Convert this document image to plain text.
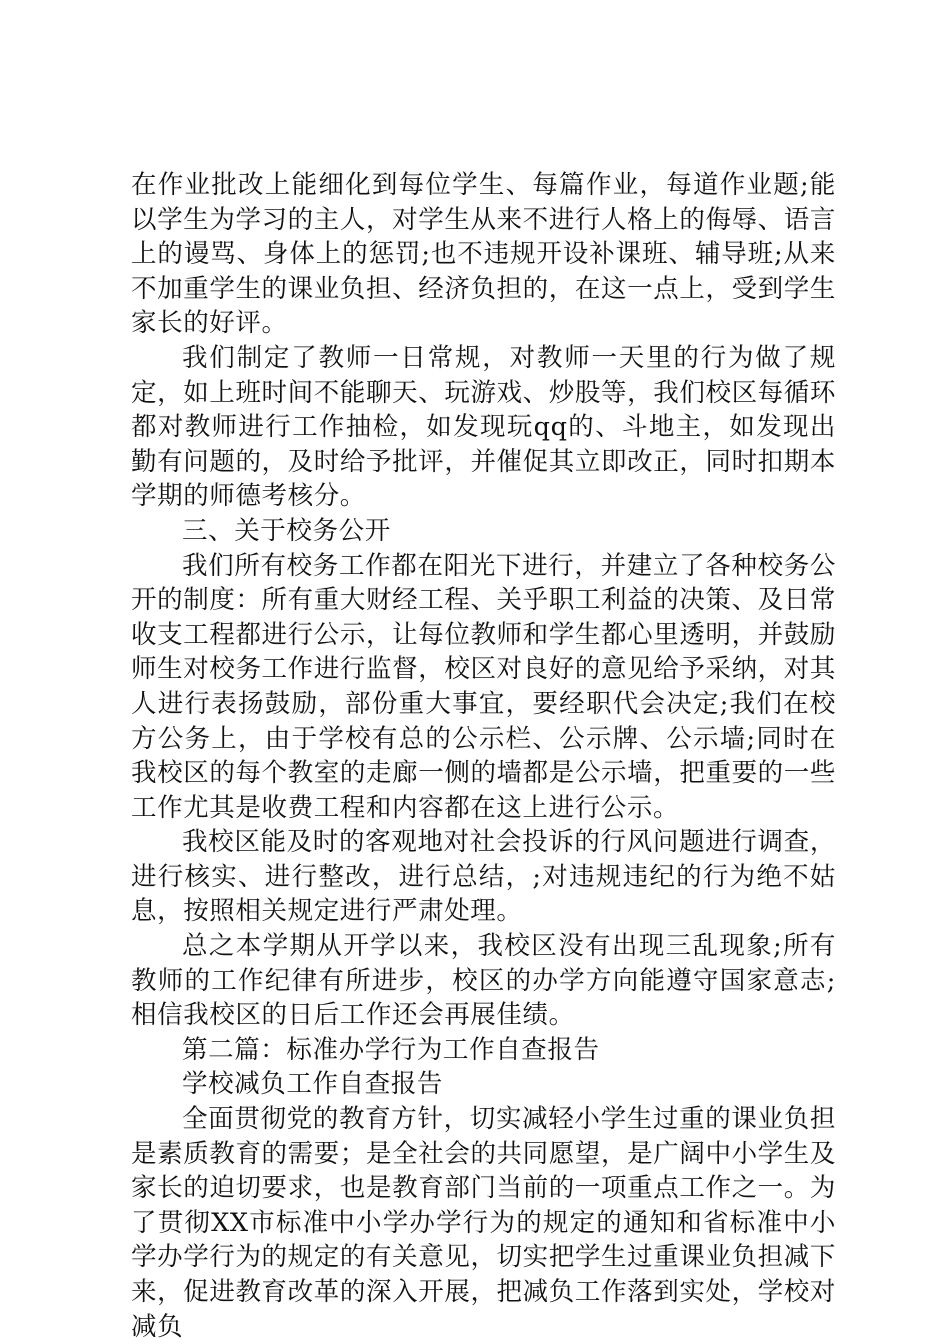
在作业批改上能细化到每位学生、每篇作业，每道作业题;能以学生为学习的主人，对学生从来不进行人格上的侮辱、语言上的谩骂、身体上的惩罚;也不违规开设补课班、辅导班;从来不加重学生的课业负担、经济负担的，在这一点上，受到学生家长的好评。

我们制定了教师一日常规，对教师一天里的行为做了规定，如上班时间不能聊天、玩游戏、炒股等，我们校区每循环都对教师进行工作抽检，如发现玩qq的、斗地主，如发现出勤有问题的，及时给予批评，并催促其立即改正，同时扣期本学期的师德考核分。

三、关于校务公开

我们所有校务工作都在阳光下进行，并建立了各种校务公开的制度：所有重大财经工程、关乎职工利益的决策、及日常收支工程都进行公示，让每位教师和学生都心里透明，并鼓励师生对校务工作进行监督，校区对良好的意见给予采纳，对其人进行表扬鼓励，部份重大事宜，要经职代会决定;我们在校方公务上，由于学校有总的公示栏、公示牌、公示墙;同时在我校区的每个教室的走廊一侧的墙都是公示墙，把重要的一些工作尤其是收费工程和内容都在这上进行公示。

我校区能及时的客观地对社会投诉的行风问题进行调查，进行核实、进行整改，进行总结，;对违规违纪的行为绝不姑息，按照相关规定进行严肃处理。

总之本学期从开学以来，我校区没有出现三乱现象;所有教师的工作纪律有所进步，校区的办学方向能遵守国家意志;相信我校区的日后工作还会再展佳绩。

第二篇：标准办学行为工作自查报告

学校减负工作自查报告

全面贯彻党的教育方针，切实减轻小学生过重的课业负担是素质教育的需要；是全社会的共同愿望，是广阔中小学生及家长的迫切要求，也是教育部门当前的一项重点工作之一。为了贯彻XX市标准中小学办学行为的规定的通知和省标准中小学办学行为的规定的有关意见，切实把学生过重课业负担减下来，促进教育改革的深入开展，把减负工作落到实处，学校对减负
